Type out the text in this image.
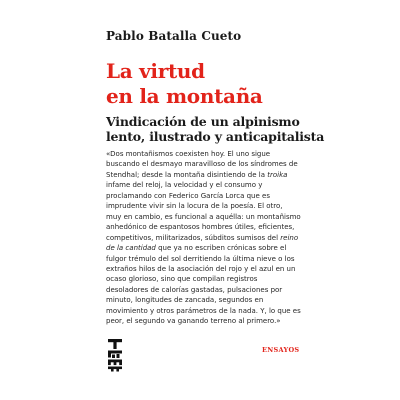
Pablo Batalla Cueto
La virtud
en la montaña
Vindicación de un alpinismo
lento, ilustrado y anticapitalista
«Dos montañismos coexisten hoy. El uno sigue
buscando el desmayo maravilloso de los síndromes de
Stendhal; desde la montaña disintiendo de la troika
infame del reloj, la velocidad y el consumo y
proclamando con Federico García Lorca que es
imprudente vivir sin la locura de la poesía. El otro,
muy en cambio, es funcional a aquélla: un montañismo
anhedónico de espantosos hombres útiles, eficientes,
competitivos, militarizados, súbditos sumisos del reino
de la cantidad que ya no escriben crónicas sobre el
fulgor trémulo del sol derritiendo la última nieve o los
extraños hilos de la asociación del rojo y el azul en un
ocaso glorioso, sino que compilan registros
desoladores de calorías gastadas, pulsaciones por
minuto, longitudes de zancada, segundos en
movimiento y otros parámetros de la nada. Y, lo que es
peor, el segundo va ganando terreno al primero.»
ENSAYOS
